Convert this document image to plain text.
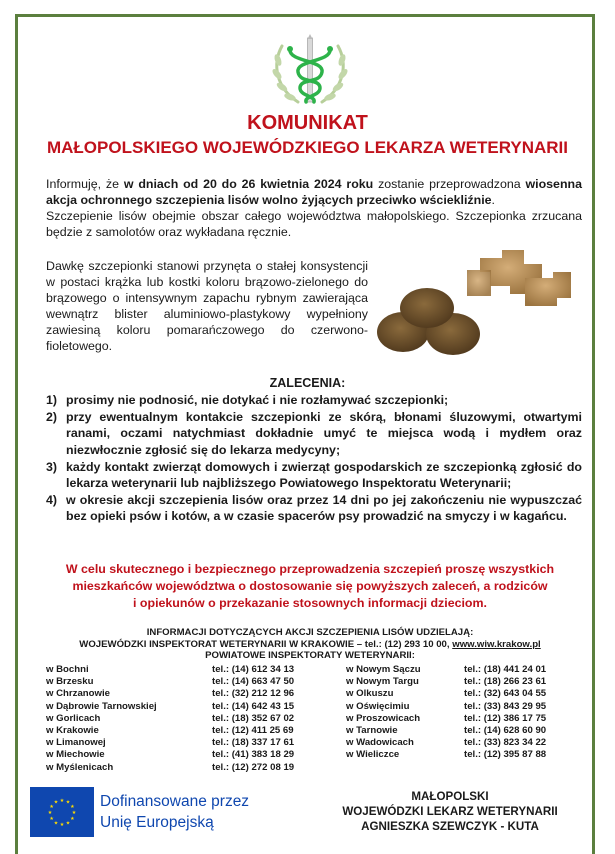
KOMUNIKAT
MAŁOPOLSKIEGO WOJEWÓDZKIEGO LEKARZA WETERYNARII
Informuję, że w dniach od 20 do 26 kwietnia 2024 roku zostanie przeprowadzona wiosenna akcja ochronnego szczepienia lisów wolno żyjących przeciwko wściekliźnie.
Szczepienie lisów obejmie obszar całego województwa małopolskiego. Szczepionka zrzucana będzie z samolotów oraz wykładana ręcznie.
Dawkę szczepionki stanowi przynęta o stałej konsystencji w postaci krążka lub kostki koloru brązowo-zielonego do brązowego o intensywnym zapachu rybnym zawierająca wewnątrz blister aluminiowo-plastykowy wypełniony zawiesiną koloru pomarańczowego do czerwono-fioletowego.
ZALECENIA:
1) prosimy nie podnosić, nie dotykać i nie rozłamywać szczepionki;
2) przy ewentualnym kontakcie szczepionki ze skórą, błonami śluzowymi, otwartymi ranami, oczami natychmiast dokładnie umyć te miejsca wodą i mydłem oraz niezwłocznie zgłosić się do lekarza medycyny;
3) każdy kontakt zwierząt domowych i zwierząt gospodarskich ze szczepionką zgłosić do lekarza weterynarii lub najbliższego Powiatowego Inspektoratu Weterynarii;
4) w okresie akcji szczepienia lisów oraz przez 14 dni po jej zakończeniu nie wypuszczać bez opieki psów i kotów, a w czasie spacerów psy prowadzić na smyczy i w kagańcu.
W celu skutecznego i bezpiecznego przeprowadzenia szczepień proszę wszystkich
mieszkańców województwa o dostosowanie się powyższych zaleceń, a rodziców
i opiekunów o przekazanie stosownych informacji dzieciom.
INFORMACJI DOTYCZĄCYCH AKCJI SZCZEPIENIA LISÓW UDZIELAJĄ:
WOJEWÓDZKI INSPEKTORAT WETERYNARII W KRAKOWIE – tel.: (12) 293 10 00, www.wiw.krakow.pl
POWIATOWE INSPEKTORATY WETERYNARII:
w Bochni	tel.: (14) 612 34 13
w Brzesku	tel.: (14) 663 47 50
w Chrzanowie	tel.: (32) 212 12 96
w Dąbrowie Tarnowskiej	tel.: (14) 642 43 15
w Gorlicach	tel.: (18) 352 67 02
w Krakowie	tel.: (12) 411 25 69
w Limanowej	tel.: (18) 337 17 61
w Miechowie	tel.: (41) 383 18 29
w Myślenicach	tel.: (12) 272 08 19
w Nowym Sączu	tel.: (18) 441 24 01
w Nowym Targu	tel.: (18) 266 23 61
w Olkuszu	tel.: (32) 643 04 55
w Oświęcimiu	tel.: (33) 843 29 95
w Proszowicach	tel.: (12) 386 17 75
w Tarnowie	tel.: (14) 628 60 90
w Wadowicach	tel.: (33) 823 34 22
w Wieliczce	tel.: (12) 395 87 88
★ ★
★
★
★
★
★
★
★
★
★
★	Dofinansowane przez
Unię Europejską
MAŁOPOLSKI
WOJEWÓDZKI LEKARZ WETERYNARII
AGNIESZKA SZEWCZYK - KUTA
